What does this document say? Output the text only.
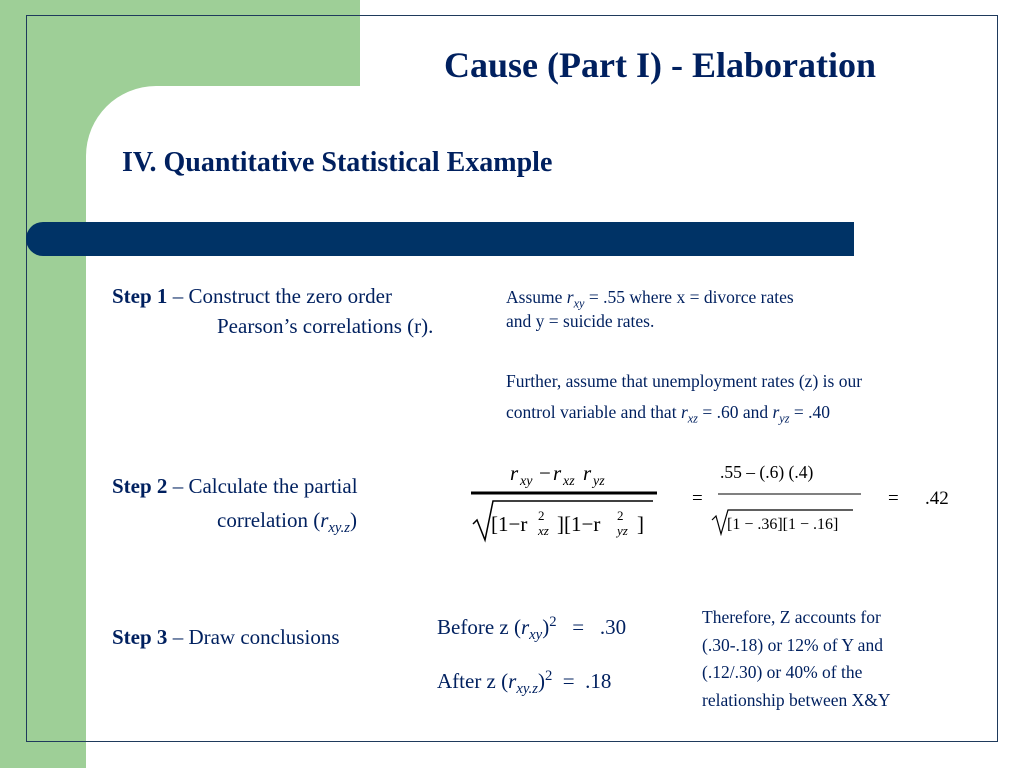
Cause (Part I) - Elaboration
IV. Quantitative Statistical Example
Step 1 – Construct the zero order
Pearson’s correlations (r).
Assume $r_{xy} = .55$ where x = divorce rates
and y = suicide rates.
Further, assume that unemployment rates (z) is our
control variable and that $r_{xz} = .60$ and $r_{yz} = .40$
Step 2 – Calculate the partial
correlation $(r_{xy.z})$
r xy − r xz r yz
[1−r 2
xz ][1−r 2
yz ]
=
.55 – (.6) (.4)
[1 − .36][1 − .16]
= .42
Step 3 – Draw conclusions	Before z $(r_{xy})^2 = .30$
After z $(r_{xy.z})^2 = .18$
Therefore, Z accounts for
(.30-.18) or 12% of Y and
(.12/.30) or 40% of the
relationship between X&Y
